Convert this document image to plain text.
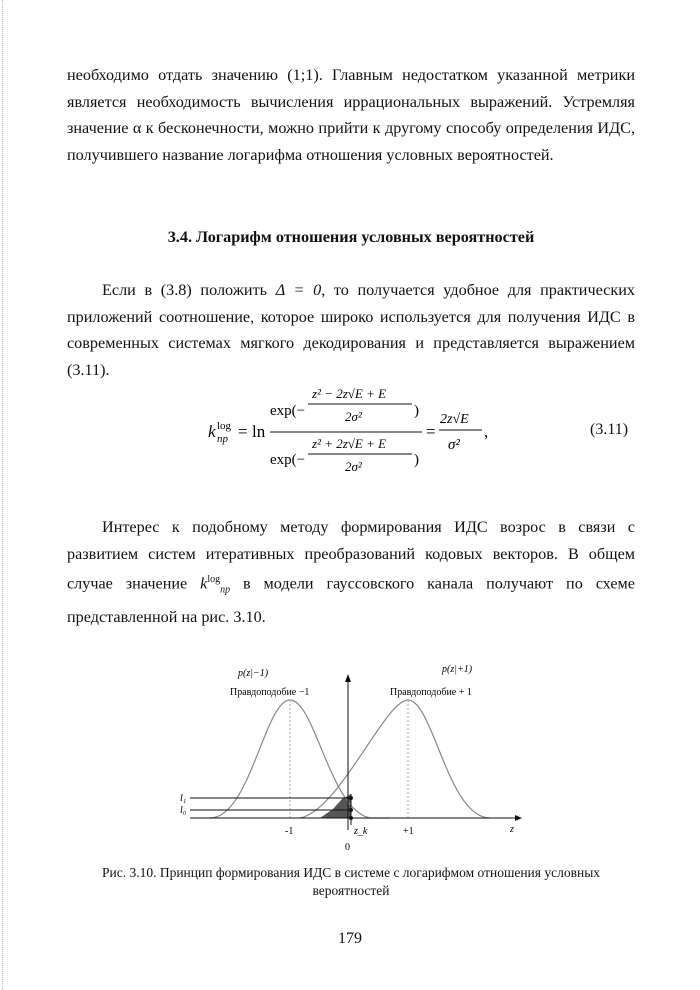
необходимо отдать значению (1;1). Главным недостатком указанной метрики является необходимость вычисления иррациональных выражений. Устремляя значение α к бесконечности, можно прийти к другому способу определения ИДС, получившего название логарифма отношения условных вероятностей.

3.4. Логарифм отношения условных вероятностей

Если в (3.8) положить Δ = 0, то получается удобное для практических приложений соотношение, которое широко используется для получения ИДС в современных системах мягкого декодирования и представляется выражением (3.11).

k log
np = ln
exp(−
z² − 2z√E + E
2σ²	)
exp(−
z² + 2z√E + E
2σ²	)
=
2z√E
σ²
,	(3.11)

Интерес к подобному методу формирования ИДС возрос в связи с развитием систем итеративных преобразований кодовых векторов. В общем случае значение $k^{log}_{np}$ в модели гауссовского канала получают по схеме представленной на рис. 3.10.

p(z|−1)	p(z|+1)
Правдоподобие −1	Правдоподобие + 1
l₁
l₀
-1	z_k
0
+1	z

Рис. 3.10. Принцип формирования ИДС в системе с логарифмом отношения условных вероятностей

179
